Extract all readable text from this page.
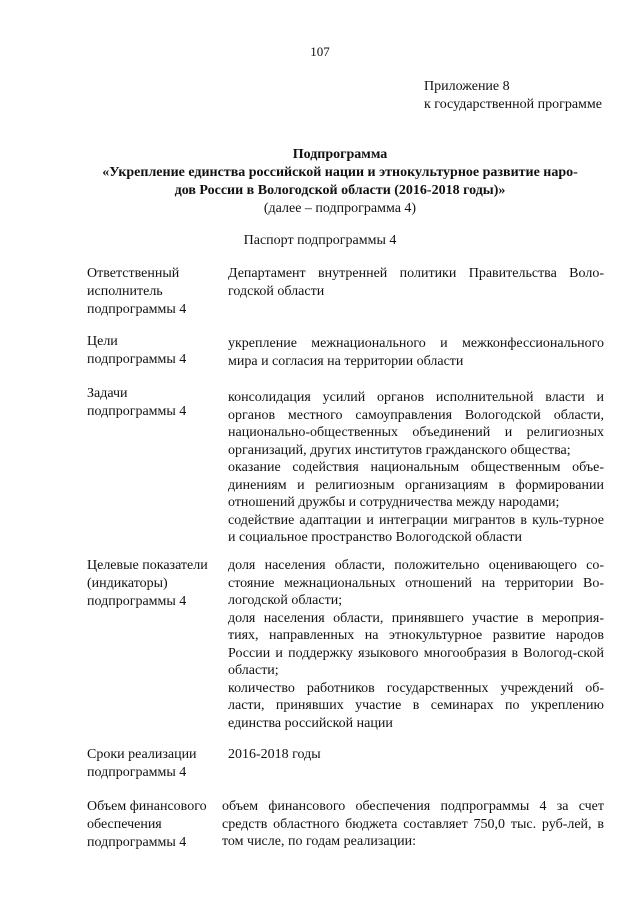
107
Приложение 8
к государственной программе
Подпрограмма
«Укрепление единства российской нации и этнокультурное развитие наро-
дов России в Вологодской области (2016-2018 годы)»
(далее – подпрограмма 4)
Паспорт подпрограммы 4
Ответственный
исполнитель
подпрограммы 4

Департамент внутренней политики Правительства Воло-годской области

Цели
подпрограммы 4

укрепление межнационального и межконфессионального мира и согласия на территории области

Задачи
подпрограммы 4

консолидация усилий органов исполнительной власти и органов местного самоуправления Вологодской области, национально-общественных объединений и религиозных организаций, других институтов гражданского общества;

оказание содействия национальным общественным объе-динениям и религиозным организациям в формировании отношений дружбы и сотрудничества между народами;

содействие адаптации и интеграции мигрантов в куль-турное и социальное пространство Вологодской области

Целевые показатели
(индикаторы)
подпрограммы 4

доля населения области, положительно оценивающего со-стояние межнациональных отношений на территории Во-логодской области;

доля населения области, принявшего участие в мероприя-тиях, направленных на этнокультурное развитие народов России и поддержку языкового многообразия в Вологод-ской области;

количество работников государственных учреждений об-ласти, принявших участие в семинарах по укреплению единства российской нации

Сроки реализации
подпрограммы 4

2016-2018 годы

Объем финансового
обеспечения
подпрограммы 4

объем финансового обеспечения подпрограммы 4 за счет средств областного бюджета составляет 750,0 тыс. руб-лей, в том числе, по годам реализации:
